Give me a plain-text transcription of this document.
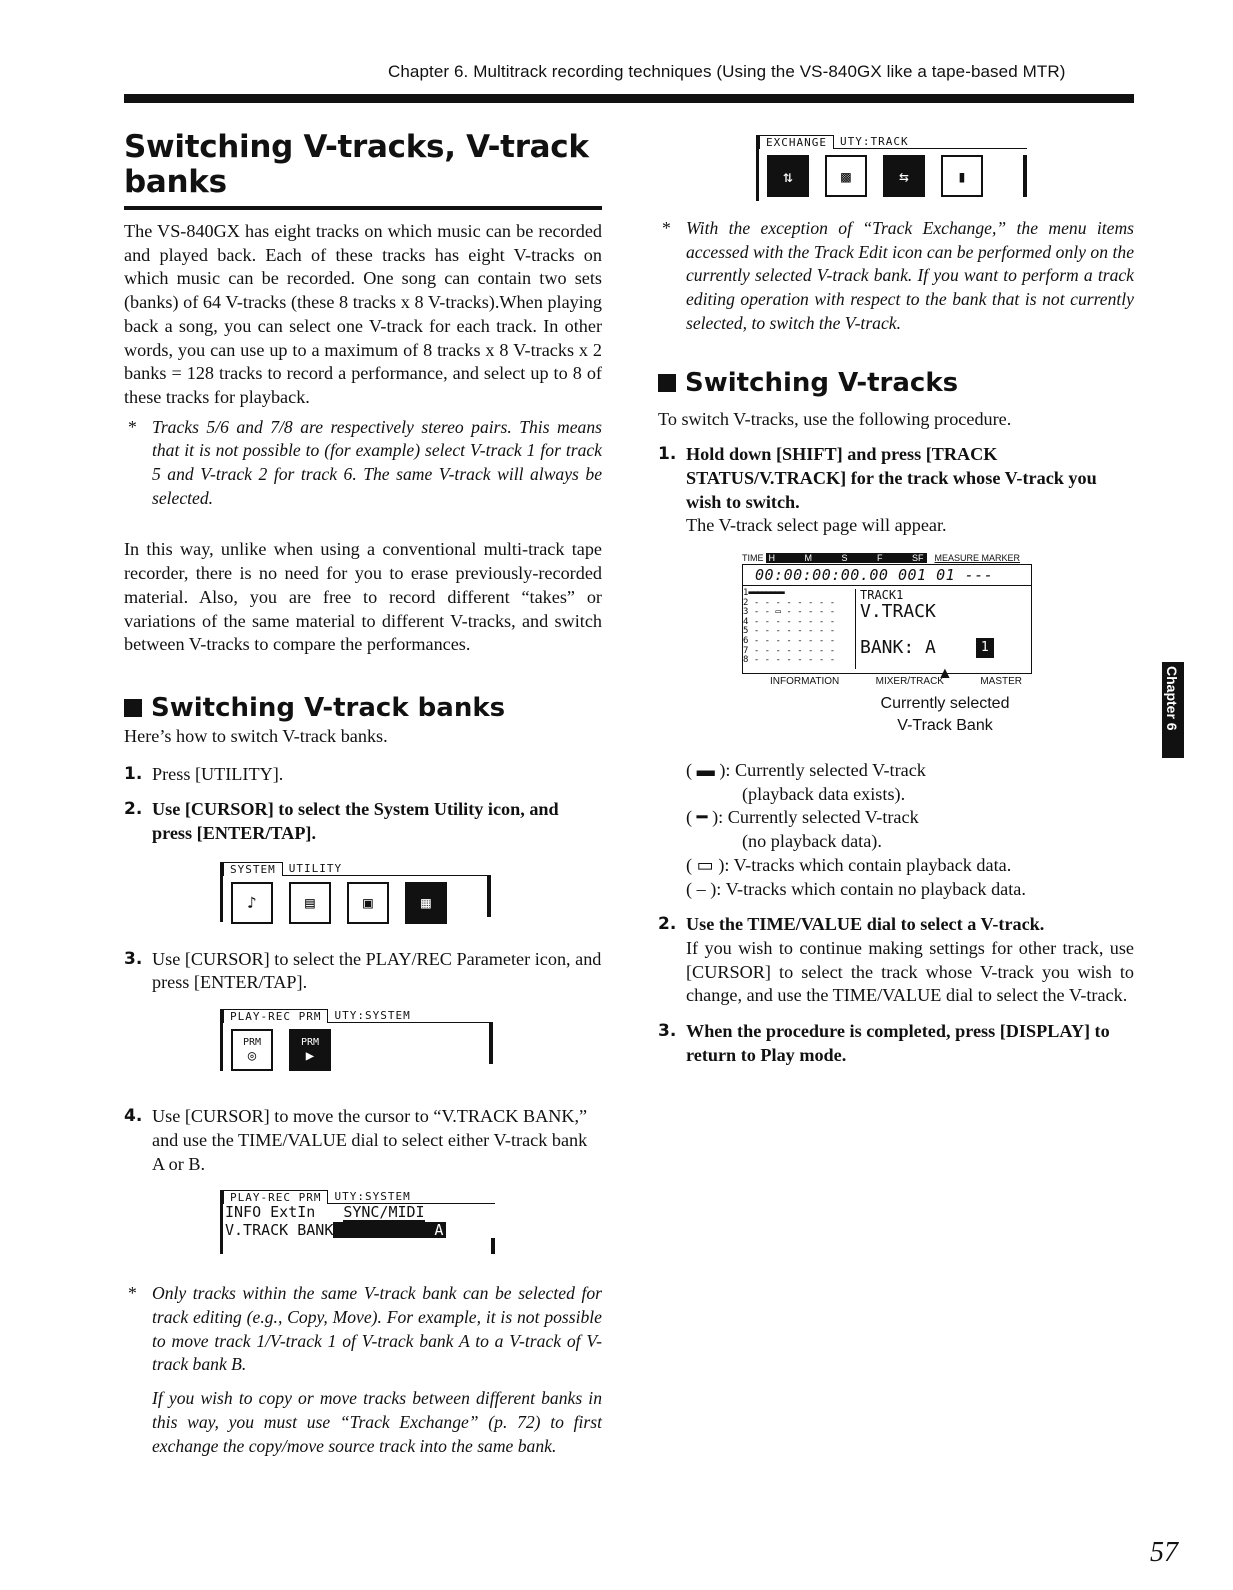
Chapter 6. Multitrack recording techniques (Using the VS-840GX like a tape-based MTR)
Switching V-tracks, V-track banks

The VS-840GX has eight tracks on which music can be recorded and played back. Each of these tracks has eight V-tracks on which music can be recorded. One song can contain two sets (banks) of 64 V-tracks (these 8 tracks x 8 V-tracks).When playing back a song, you can select one V-track for each track. In other words, you can use up to a maximum of 8 tracks x 8 V-tracks x 2 banks = 128 tracks to record a performance, and select up to 8 of these tracks for playback.

* Tracks 5/6 and 7/8 are respectively stereo pairs. This means that it is not possible to (for example) select V-track 1 for track 5 and V-track 2 for track 6. The same V-track will always be selected.

In this way, unlike when using a conventional multi-track tape recorder, there is no need for you to erase previously-recorded material. Also, you are free to record different “takes” or variations of the same material to different V-tracks, and switch between V-tracks to compare the performances.

Switching V-track banks

Here’s how to switch V-track banks.

1. Press [UTILITY].
2. Use [CURSOR] to select the System Utility icon, and press [ENTER/TAP].
SYSTEM	UTILITY
♪	▤	▣	▦
3. Use [CURSOR] to select the PLAY/REC Parameter icon, and press [ENTER/TAP].
PLAY-REC PRM	UTY:SYSTEM
PRM
◎
PRM
▶
4. Use [CURSOR] to move the cursor to “V.TRACK BANK,” and use the TIME/VALUE dial to select either V-track bank A or B.
PLAY-REC PRM	UTY:SYSTEM
INFO ExtIn SYNC/MIDI
V.TRACK BANK	A
* Only tracks within the same V-track bank can be selected for track editing (e.g., Copy, Move). For example, it is not possible to move track 1/V-track 1 of V-track bank A to a V-track of V-track bank B.
If you wish to copy or move tracks between different banks in this way, you must use “Track Exchange” (p. 72) to first exchange the copy/move source track into the same bank.
EXCHANGE	UTY:TRACK
⇅	▩	⇆	▮
* With the exception of “Track Exchange,” the menu items accessed with the Track Edit icon can be performed only on the currently selected V-track bank. If you want to perform a track editing operation with respect to the bank that is not currently selected, to switch the V-track.
Switching V-tracks

To switch V-tracks, use the following procedure.

1. Hold down [SHIFT] and press [TRACK STATUS/V.TRACK] for the track whose V-track you wish to switch.
The V-track select page will appear.
TIME H	M	S	F	SF MEASURE MARKER
00:00:00:00.00 001 01 ---
1▬▬▬▬▬▬▬▬
2 - - - - - - - -
3 - - ▭ - - - - -
4 - - - - - - - -
5 - - - - - - - -
6 - - - - - - - -
7 - - - - - - - -
8 - - - - - - - -
TRACK1
V.TRACK
BANK: A	1
▲
INFORMATION	MIXER/TRACK	MASTER
Currently selected
V-Track Bank
( ▬ ): Currently selected V-track
(playback data exists).
( ━ ): Currently selected V-track
(no playback data).
( ▭ ): V-tracks which contain playback data.
( – ): V-tracks which contain no playback data.
2. Use the TIME/VALUE dial to select a V-track.

If you wish to continue making settings for other track, use [CURSOR] to select the track whose V-track you wish to change, and use the TIME/VALUE dial to select the V-track.
3. When the procedure is completed, press [DISPLAY] to return to Play mode.
Chapter 6
57
